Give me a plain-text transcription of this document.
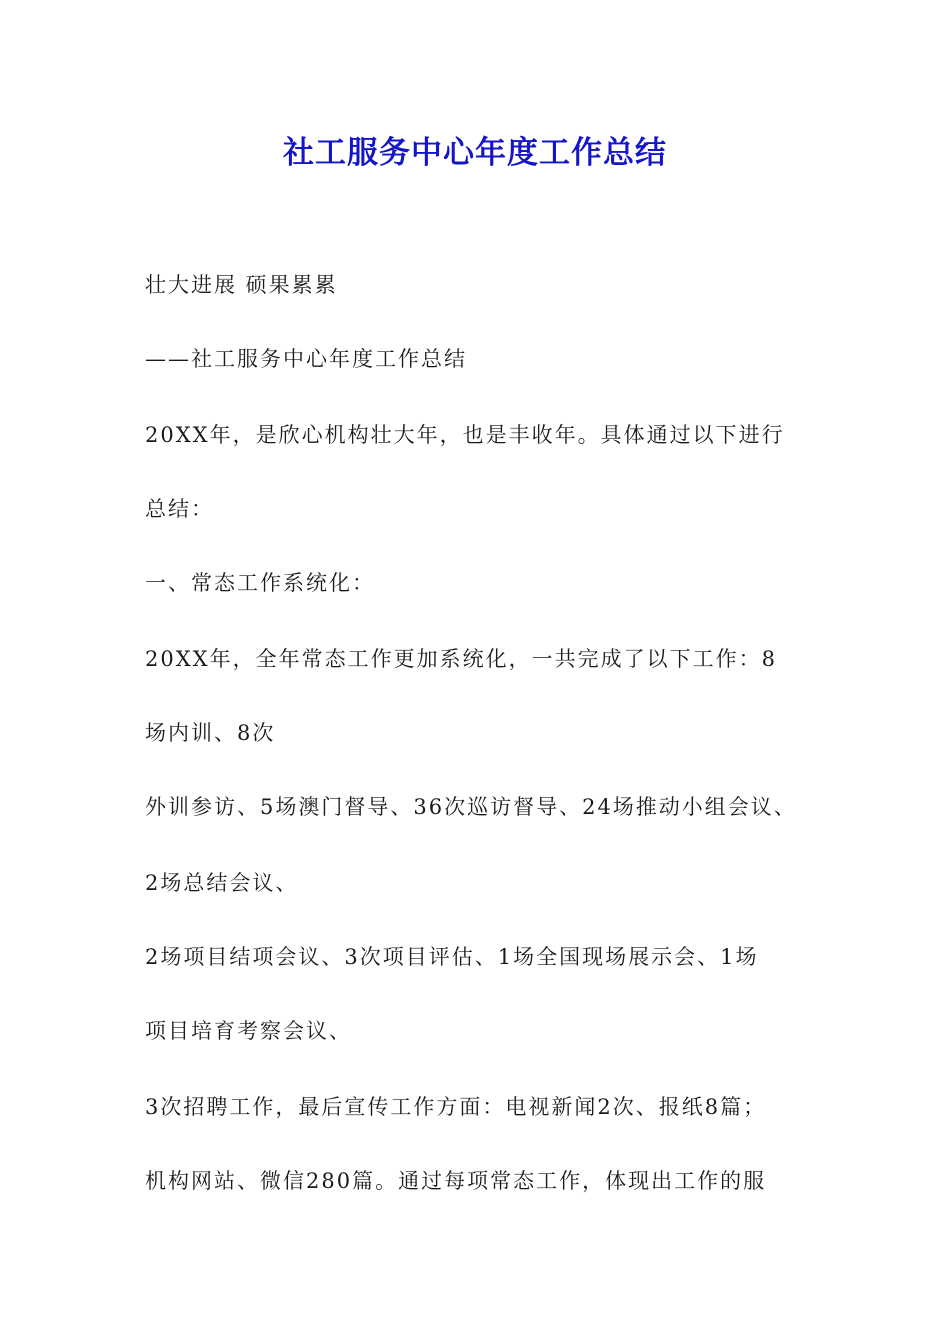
社工服务中心年度工作总结
壮大进展 硕果累累
——社工服务中心年度工作总结
20XX年，是欣心机构壮大年，也是丰收年。具体通过以下进行
总结：
一、常态工作系统化：
20XX年，全年常态工作更加系统化，一共完成了以下工作：8
场内训、8次
外训参访、5场澳门督导、36次巡访督导、24场推动小组会议、
2场总结会议、
2场项目结项会议、3次项目评估、1场全国现场展示会、1场
项目培育考察会议、
3次招聘工作，最后宣传工作方面：电视新闻2次、报纸8篇；
机构网站、微信280篇。通过每项常态工作，体现出工作的服
